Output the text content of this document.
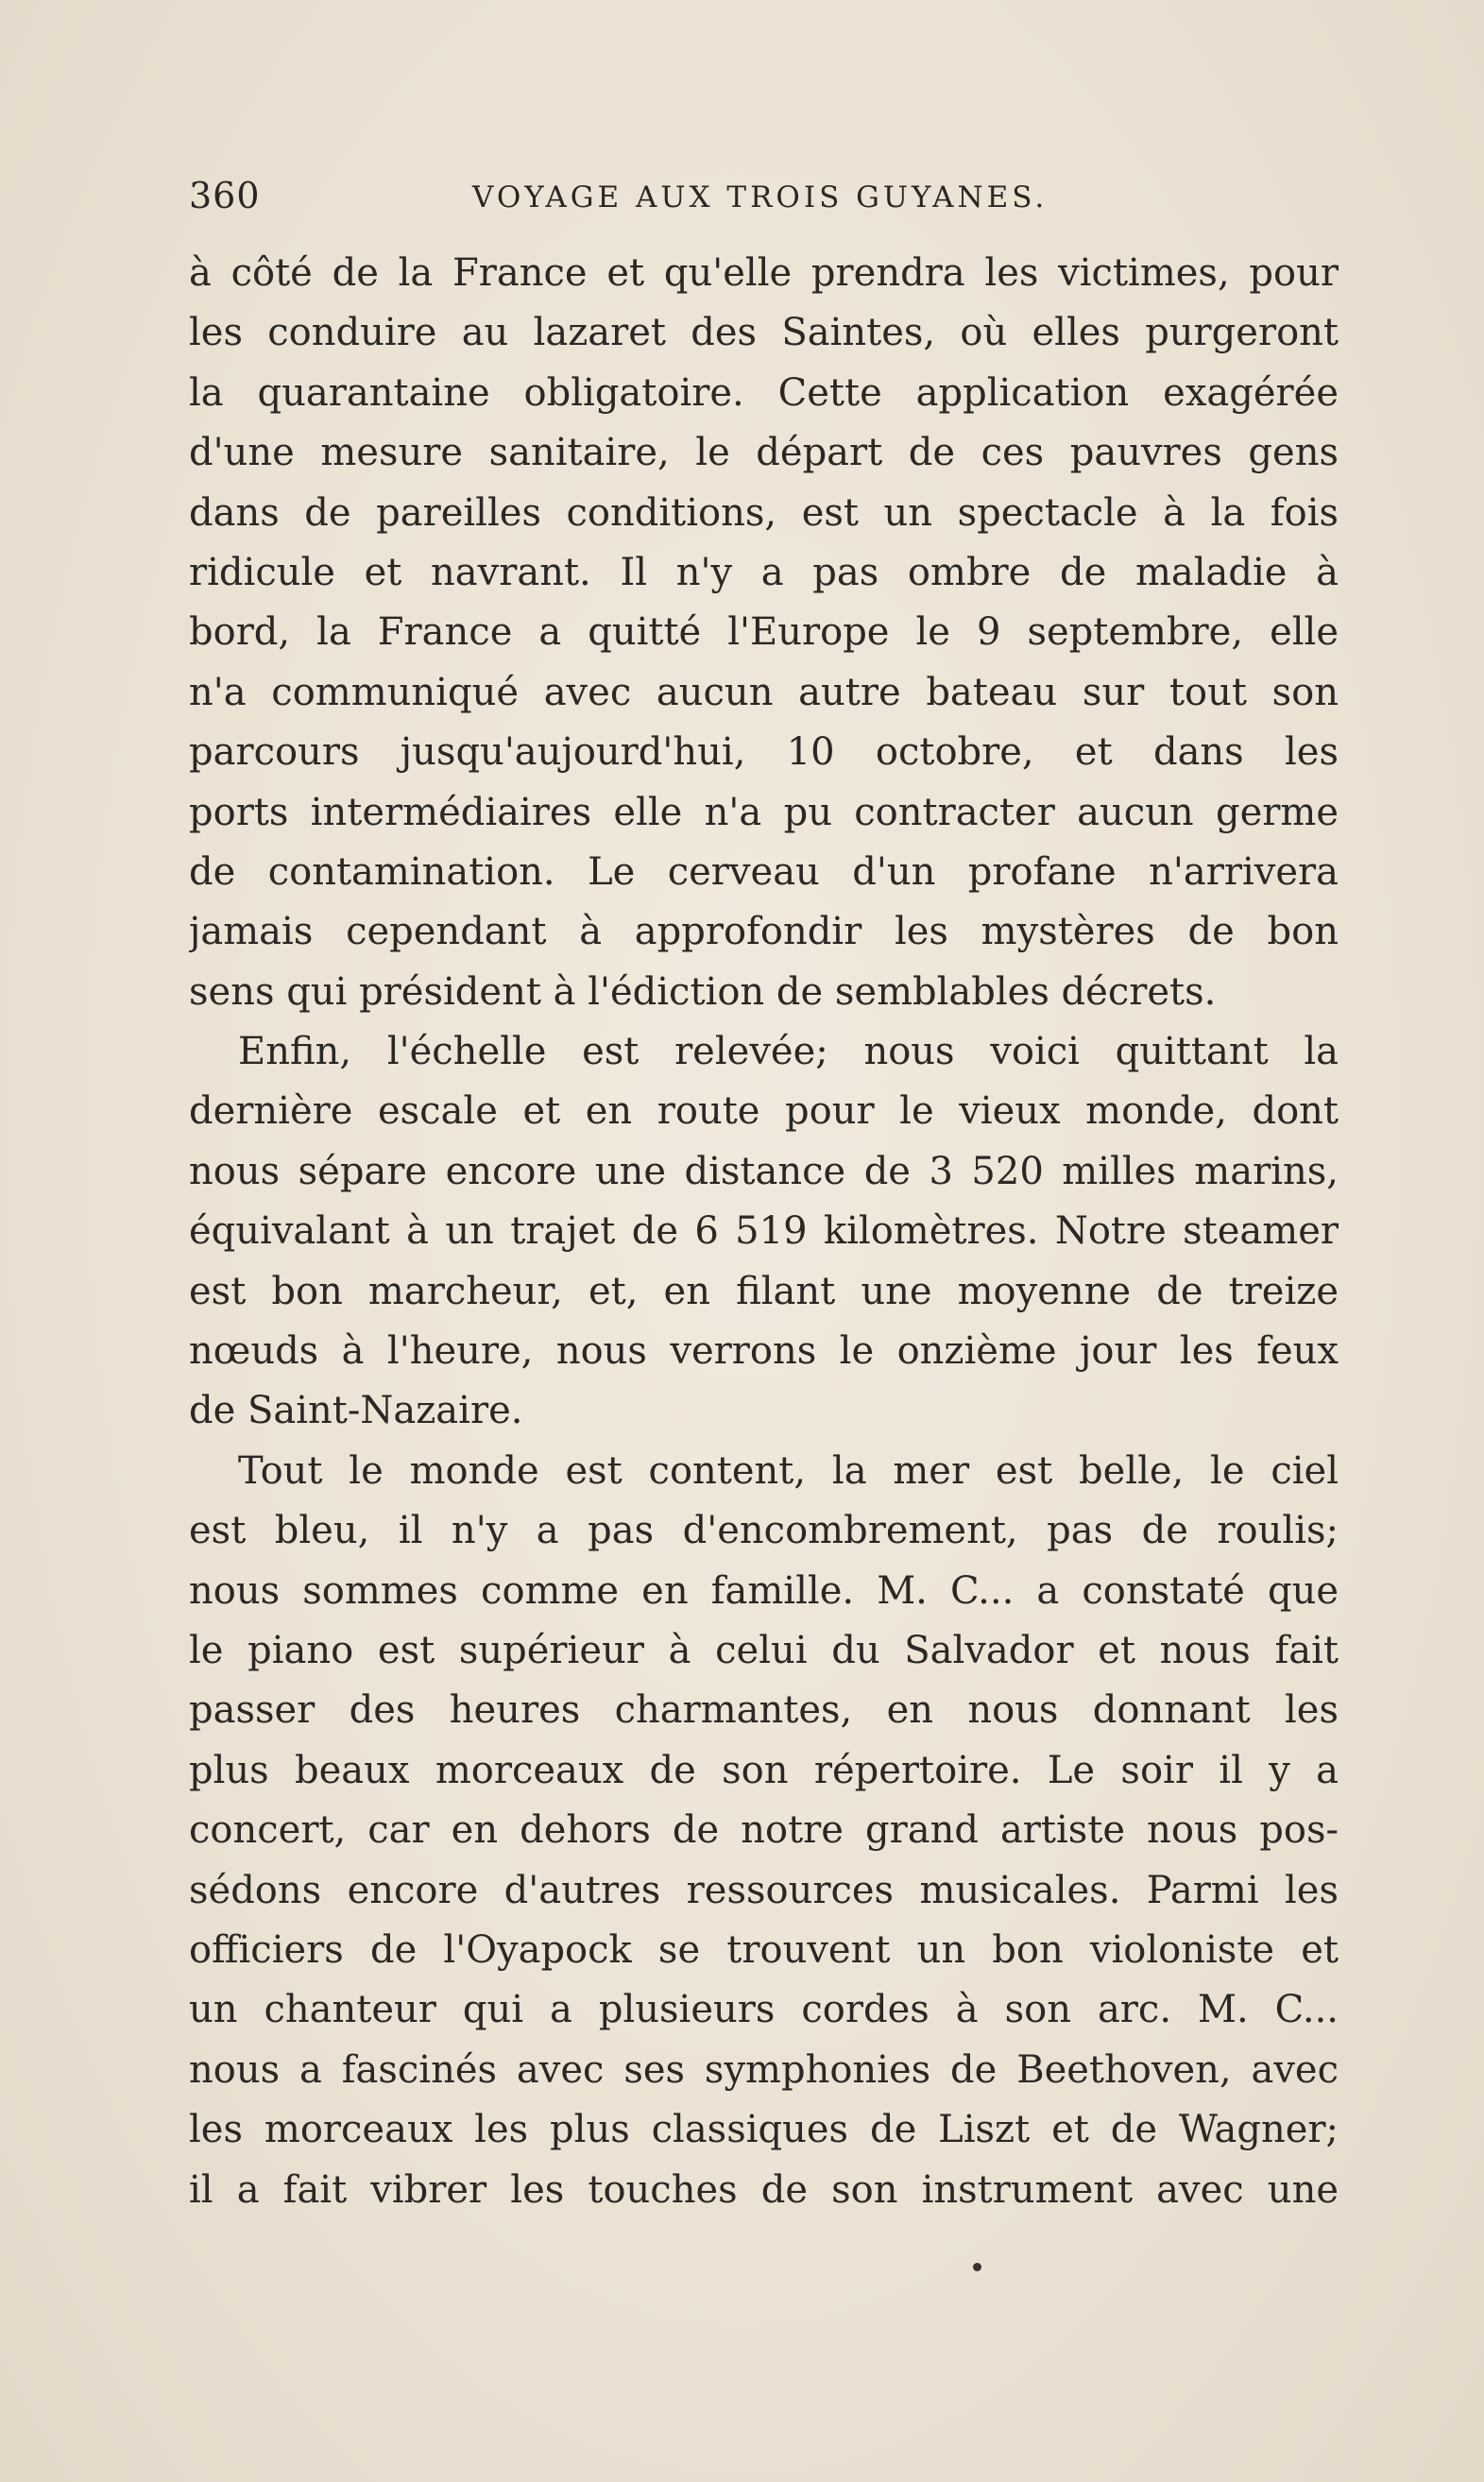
360	VOYAGE AUX TROIS GUYANES.
à côté de la France et qu'elle prendra les victimes, pour
les conduire au lazaret des Saintes, où elles purgeront
la quarantaine obligatoire. Cette application exagérée
d'une mesure sanitaire, le départ de ces pauvres gens
dans de pareilles conditions, est un spectacle à la fois
ridicule et navrant. Il n'y a pas ombre de maladie à
bord, la France a quitté l'Europe le 9 septembre, elle
n'a communiqué avec aucun autre bateau sur tout son
parcours jusqu'aujourd'hui, 10 octobre, et dans les
ports intermédiaires elle n'a pu contracter aucun germe
de contamination. Le cerveau d'un profane n'arrivera
jamais cependant à approfondir les mystères de bon
sens qui président à l'édiction de semblables décrets.
Enfin, l'échelle est relevée; nous voici quittant la
dernière escale et en route pour le vieux monde, dont
nous sépare encore une distance de 3 520 milles marins,
équivalant à un trajet de 6 519 kilomètres. Notre steamer
est bon marcheur, et, en filant une moyenne de treize
nœuds à l'heure, nous verrons le onzième jour les feux
de Saint-Nazaire.
Tout le monde est content, la mer est belle, le ciel
est bleu, il n'y a pas d'encombrement, pas de roulis;
nous sommes comme en famille. M. C... a constaté que
le piano est supérieur à celui du Salvador et nous fait
passer des heures charmantes, en nous donnant les
plus beaux morceaux de son répertoire. Le soir il y a
concert, car en dehors de notre grand artiste nous pos-
sédons encore d'autres ressources musicales. Parmi les
officiers de l'Oyapock se trouvent un bon violoniste et
un chanteur qui a plusieurs cordes à son arc. M. C...
nous a fascinés avec ses symphonies de Beethoven, avec
les morceaux les plus classiques de Liszt et de Wagner;
il a fait vibrer les touches de son instrument avec une
